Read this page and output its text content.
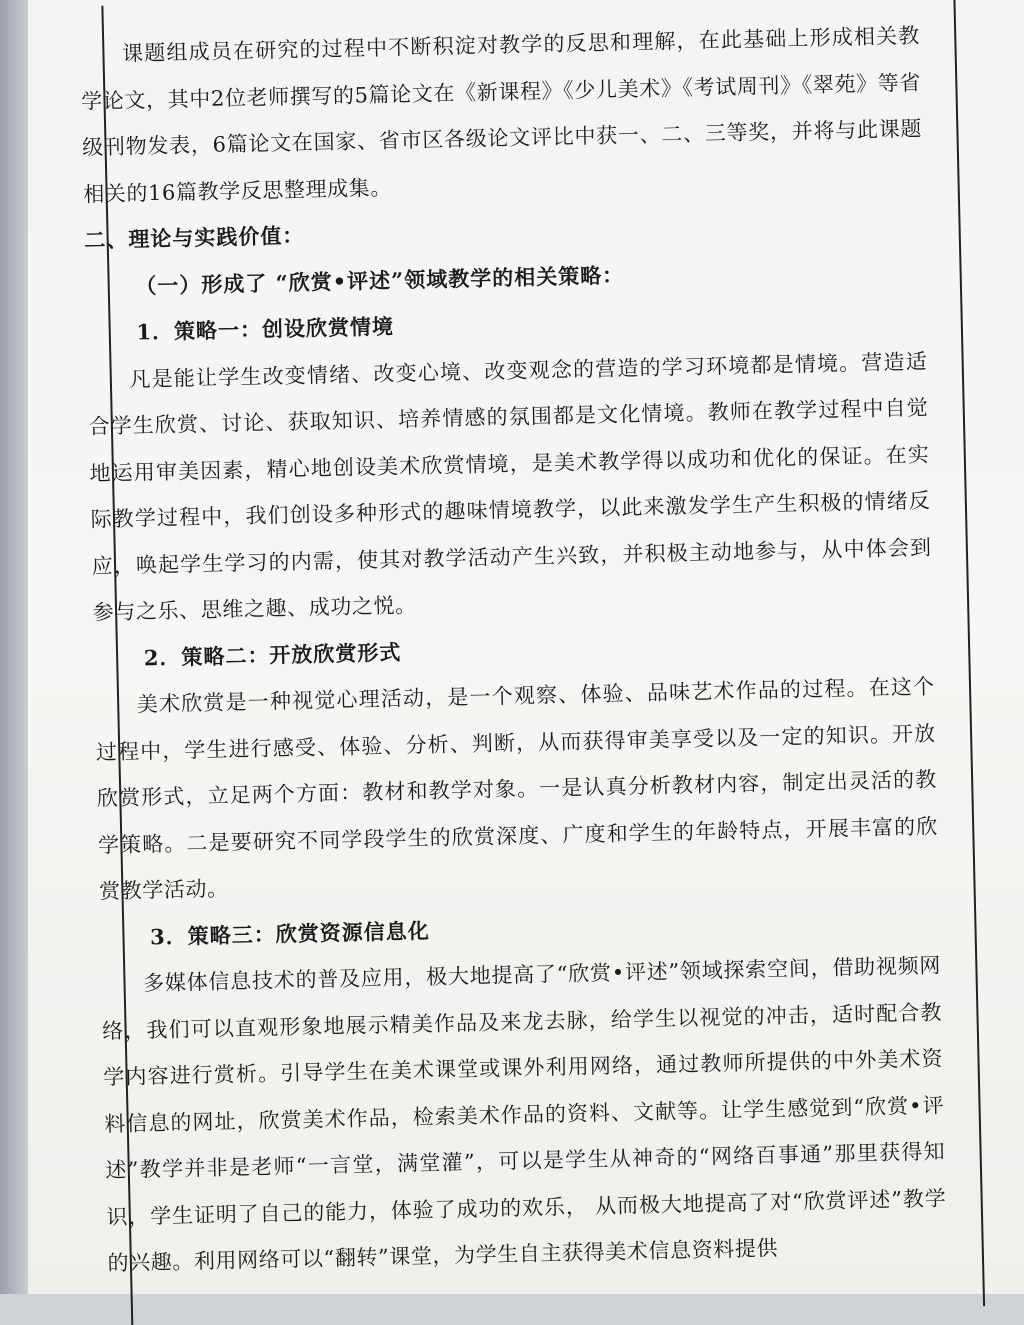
课题组成员在研究的过程中不断积淀对教学的反思和理解，在此基础上形成相关教学论文，其中2位老师撰写的5篇论文在《新课程》《少儿美术》《考试周刊》《翠苑》等省级刊物发表，6篇论文在国家、省市区各级论文评比中获一、二、三等奖，并将与此课题相关的16篇教学反思整理成集。

二、理论与实践价值：

（一）形成了 “欣赏•评述”领域教学的相关策略：

1．策略一：创设欣赏情境

凡是能让学生改变情绪、改变心境、改变观念的营造的学习环境都是情境。营造适合学生欣赏、讨论、获取知识、培养情感的氛围都是文化情境。教师在教学过程中自觉地运用审美因素，精心地创设美术欣赏情境，是美术教学得以成功和优化的保证。在实际教学过程中，我们创设多种形式的趣味情境教学，以此来激发学生产生积极的情绪反应，唤起学生学习的内需，使其对教学活动产生兴致，并积极主动地参与，从中体会到参与之乐、思维之趣、成功之悦。

2．策略二：开放欣赏形式

美术欣赏是一种视觉心理活动，是一个观察、体验、品味艺术作品的过程。在这个过程中，学生进行感受、体验、分析、判断，从而获得审美享受以及一定的知识。开放欣赏形式，立足两个方面：教材和教学对象。一是认真分析教材内容，制定出灵活的教学策略。二是要研究不同学段学生的欣赏深度、广度和学生的年龄特点，开展丰富的欣赏教学活动。

3．策略三：欣赏资源信息化

多媒体信息技术的普及应用，极大地提高了“欣赏•评述”领域探索空间，借助视频网络，我们可以直观形象地展示精美作品及来龙去脉，给学生以视觉的冲击，适时配合教学内容进行赏析。引导学生在美术课堂或课外利用网络，通过教师所提供的中外美术资料信息的网址，欣赏美术作品，检索美术作品的资料、文献等。让学生感觉到“欣赏•评述”教学并非是老师“一言堂，满堂灌”，可以是学生从神奇的“网络百事通”那里获得知识，学生证明了自己的能力，体验了成功的欢乐， 从而极大地提高了对“欣赏评述”教学的兴趣。利用网络可以“翻转”课堂，为学生自主获得美术信息资料提供
